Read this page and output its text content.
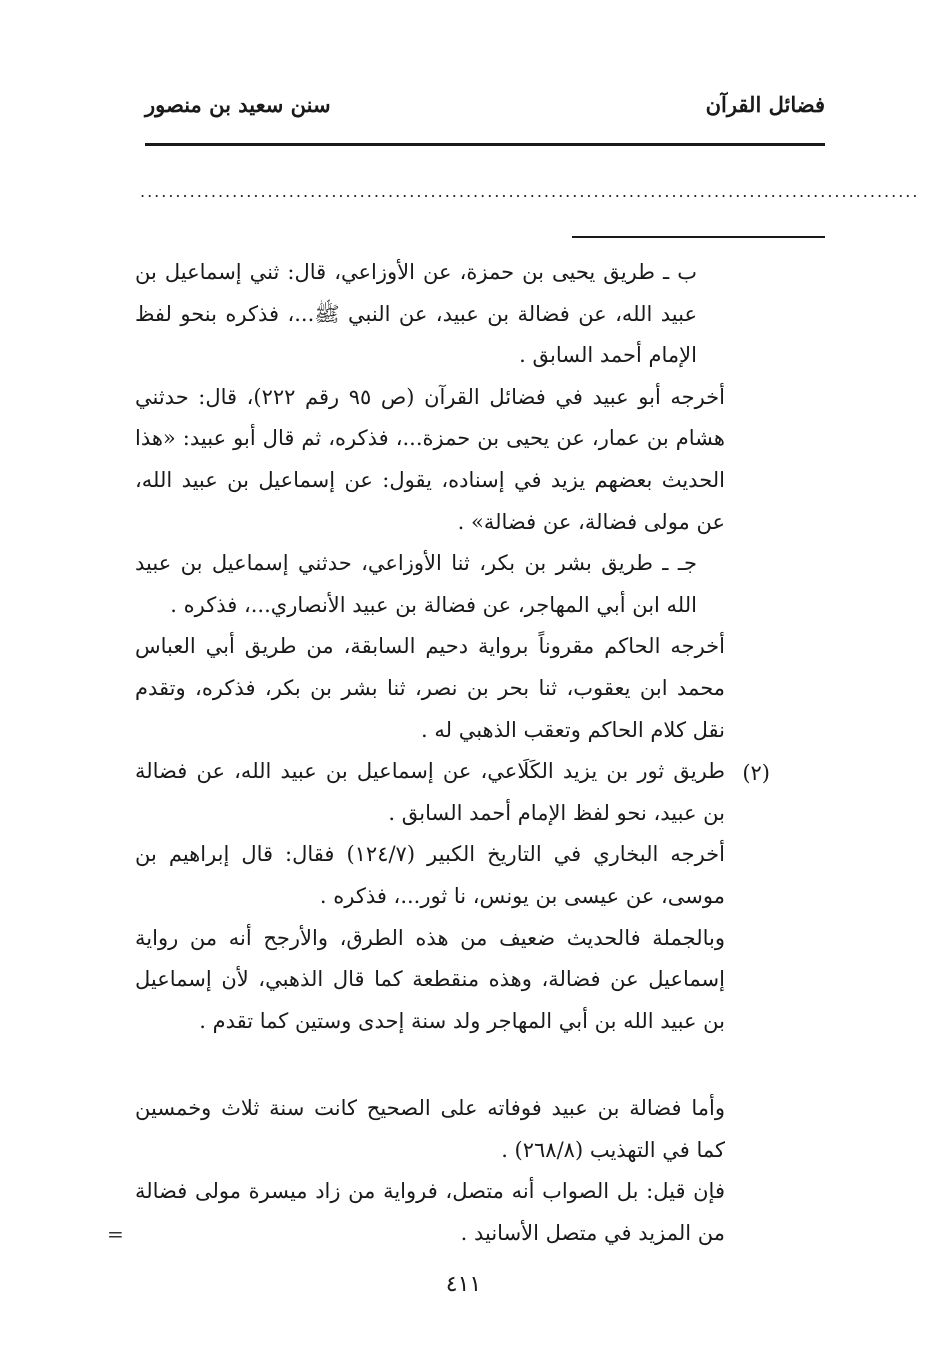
فضائل القرآن
سنن سعيد بن منصور
..............................................................................................................

ب ـ طريق يحيى بن حمزة، عن الأوزاعي، قال: ثني إسماعيل بن عبيد الله، عن فضالة بن عبيد، عن النبي ﷺ...، فذكره بنحو لفظ الإمام أحمد السابق .

أخرجه أبو عبيد في فضائل القرآن (ص ٩٥ رقم ٢٢٢)، قال: حدثني هشام بن عمار، عن يحيى بن حمزة...، فذكره، ثم قال أبو عبيد: «هذا الحديث بعضهم يزيد في إسناده، يقول: عن إسماعيل بن عبيد الله، عن مولى فضالة، عن فضالة» .

جـ ـ طريق بشر بن بكر، ثنا الأوزاعي، حدثني إسماعيل بن عبيد الله ابن أبي المهاجر، عن فضالة بن عبيد الأنصاري...، فذكره .

أخرجه الحاكم مقروناً برواية دحيم السابقة، من طريق أبي العباس محمد ابن يعقوب، ثنا بحر بن نصر، ثنا بشر بن بكر، فذكره، وتقدم نقل كلام الحاكم وتعقب الذهبي له .

طريق ثور بن يزيد الكَلَاعي، عن إسماعيل بن عبيد الله، عن فضالة بن عبيد، نحو لفظ الإمام أحمد السابق .

أخرجه البخاري في التاريخ الكبير (١٢٤/٧) فقال: قال إبراهيم بن موسى، عن عيسى بن يونس، نا ثور...، فذكره .

وبالجملة فالحديث ضعيف من هذه الطرق، والأرجح أنه من رواية إسماعيل عن فضالة، وهذه منقطعة كما قال الذهبي، لأن إسماعيل بن عبيد الله بن أبي المهاجر ولد سنة إحدى وستين كما تقدم .

وأما فضالة بن عبيد فوفاته على الصحيح كانت سنة ثلاث وخمسين كما في التهذيب (٢٦٨/٨) .

فإن قيل: بل الصواب أنه متصل، فرواية من زاد ميسرة مولى فضالة من المزيد في متصل الأسانيد .

(٢)
=
٤١١
